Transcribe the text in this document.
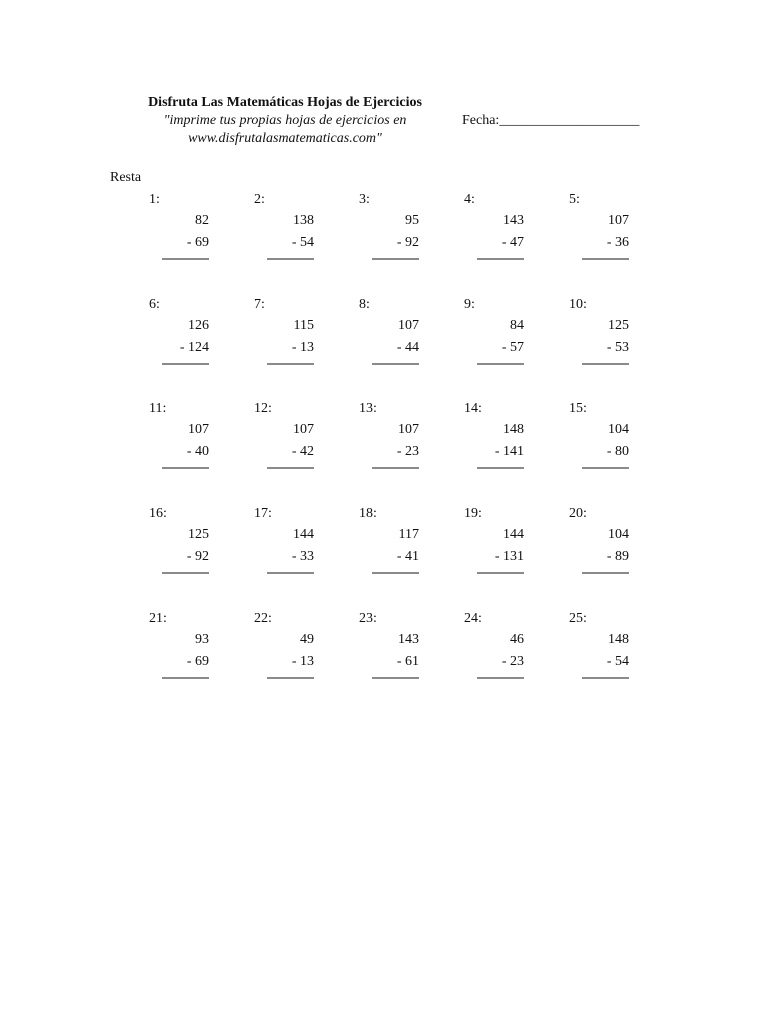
Disfruta Las Matemáticas Hojas de Ejercicios
"imprime tus propias hojas de ejercicios en
www.disfrutalasmatematicas.com"
Fecha:____________________
Resta
1:
82
- 69
2:
138
- 54
3:
95
- 92
4:
143
- 47
5:
107
- 36
6:
126
- 124
7:
115
- 13
8:
107
- 44
9:
84
- 57
10:
125
- 53
11:
107
- 40
12:
107
- 42
13:
107
- 23
14:
148
- 141
15:
104
- 80
16:
125
- 92
17:
144
- 33
18:
117
- 41
19:
144
- 131
20:
104
- 89
21:
93
- 69
22:
49
- 13
23:
143
- 61
24:
46
- 23
25:
148
- 54
